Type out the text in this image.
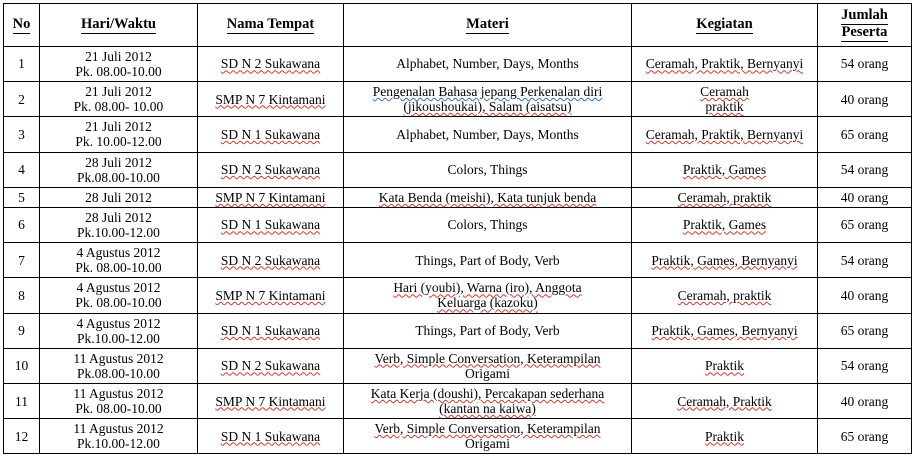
No	Hari/Waktu	Nama Tempat	Materi	Kegiatan	Jumlah
Peserta

1	21 Juli 2012
Pk. 08.00-10.00	SD N 2 Sukawana	Alphabet, Number, Days, Months	Ceramah, Praktik, Bernyanyi	54 orang
2	21 Juli 2012
Pk. 08.00- 10.00	SMP N 7 Kintamani	Pengenalan Bahasa jepang Perkenalan diri
(jikoushoukai), Salam (aisatsu)	Ceramah
praktik	40 orang
3	21 Juli 2012
Pk. 10.00-12.00	SD N 1 Sukawana	Alphabet, Number, Days, Months	Ceramah, Praktik, Bernyanyi	65 orang
4	28 Juli 2012
Pk.08.00-10.00	SD N 2 Sukawana	Colors, Things	Praktik, Games	54 orang
5	28 Juli 2012	SMP N 7 Kintamani	Kata Benda (meishi), Kata tunjuk benda	Ceramah, praktik	40 orang
6	28 Juli 2012
Pk.10.00-12.00	SD N 1 Sukawana	Colors, Things	Praktik, Games	65 orang
7	4 Agustus 2012
Pk. 08.00-10.00	SD N 2 Sukawana	Things, Part of Body, Verb	Praktik, Games, Bernyanyi	54 orang
8	4 Agustus 2012
Pk. 08.00-10.00	SMP N 7 Kintamani	Hari (youbi), Warna (iro), Anggota
Keluarga (kazoku)	Ceramah, praktik	40 orang
9	4 Agustus 2012
Pk.10.00-12.00	SD N 1 Sukawana	Things, Part of Body, Verb	Praktik, Games, Bernyanyi	65 orang
10	11 Agustus 2012
Pk.08.00-10.00	SD N 2 Sukawana	Verb, Simple Conversation, Keterampilan
Origami	Praktik	54 orang
11	11 Agustus 2012
Pk. 08.00-10.00	SMP N 7 Kintamani	Kata Kerja (doushi), Percakapan sederhana
(kantan na kaiwa)	Ceramah, Praktik	40 orang
12	11 Agustus 2012
Pk.10.00-12.00	SD N 1 Sukawana	Verb, Simple Conversation, Keterampilan
Origami	Praktik	65 orang
